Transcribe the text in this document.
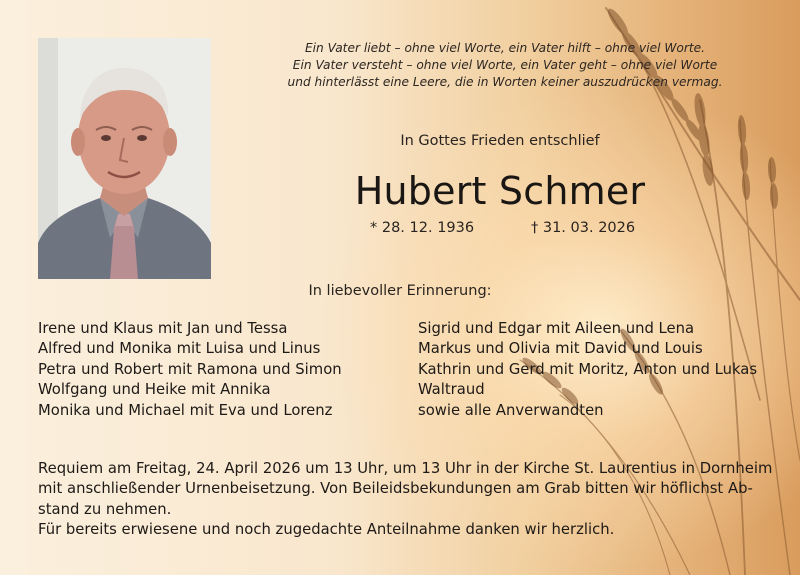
Ein Vater liebt – ohne viel Worte, ein Vater hilft – ohne viel Worte.
Ein Vater versteht – ohne viel Worte, ein Vater geht – ohne viel Worte
und hinterlässt eine Leere, die in Worten keiner auszudrücken vermag.
In Gottes Frieden entschlief
Hubert Schmer
* 28. 12. 1936	† 31. 03. 2026
In liebevoller Erinnerung:
Irene und Klaus mit Jan und Tessa
Alfred und Monika mit Luisa und Linus
Petra und Robert mit Ramona und Simon
Wolfgang und Heike mit Annika
Monika und Michael mit Eva und Lorenz
Sigrid und Edgar mit Aileen und Lena
Markus und Olivia mit David und Louis
Kathrin und Gerd mit Moritz, Anton und Lukas
Waltraud
sowie alle Anverwandten
Requiem am Freitag, 24. April 2026 um 13 Uhr, um 13 Uhr in der Kirche St. Laurentius in Dornheim
mit anschließender Urnenbeisetzung. Von Beileidsbekundungen am Grab bitten wir höflichst Ab-
stand zu nehmen.
Für bereits erwiesene und noch zugedachte Anteilnahme danken wir herzlich.
